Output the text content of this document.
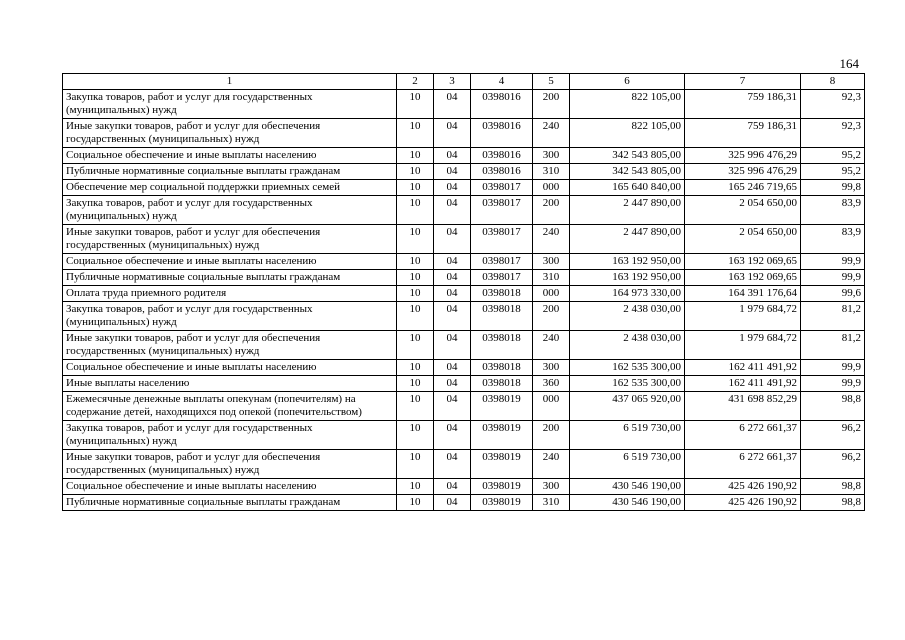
164
1	2	3	4	5	6	7	8
Закупка товаров, работ и услуг для государственных (муниципальных) нужд	10	04	0398016	200	822 105,00	759 186,31	92,3
Иные закупки товаров, работ и услуг для обеспечения государственных (муниципальных) нужд	10	04	0398016	240	822 105,00	759 186,31	92,3
Социальное обеспечение и иные выплаты населению	10	04	0398016	300	342 543 805,00	325 996 476,29	95,2
Публичные нормативные социальные выплаты гражданам	10	04	0398016	310	342 543 805,00	325 996 476,29	95,2
Обеспечение мер социальной поддержки приемных семей	10	04	0398017	000	165 640 840,00	165 246 719,65	99,8
Закупка товаров, работ и услуг для государственных (муниципальных) нужд	10	04	0398017	200	2 447 890,00	2 054 650,00	83,9
Иные закупки товаров, работ и услуг для обеспечения государственных (муниципальных) нужд	10	04	0398017	240	2 447 890,00	2 054 650,00	83,9
Социальное обеспечение и иные выплаты населению	10	04	0398017	300	163 192 950,00	163 192 069,65	99,9
Публичные нормативные социальные выплаты гражданам	10	04	0398017	310	163 192 950,00	163 192 069,65	99,9
Оплата труда приемного родителя	10	04	0398018	000	164 973 330,00	164 391 176,64	99,6
Закупка товаров, работ и услуг для государственных (муниципальных) нужд	10	04	0398018	200	2 438 030,00	1 979 684,72	81,2
Иные закупки товаров, работ и услуг для обеспечения государственных (муниципальных) нужд	10	04	0398018	240	2 438 030,00	1 979 684,72	81,2
Социальное обеспечение и иные выплаты населению	10	04	0398018	300	162 535 300,00	162 411 491,92	99,9
Иные выплаты населению	10	04	0398018	360	162 535 300,00	162 411 491,92	99,9
Ежемесячные денежные выплаты опекунам (попечителям) на содержание детей, находящихся под опекой (попечительством)	10	04	0398019	000	437 065 920,00	431 698 852,29	98,8
Закупка товаров, работ и услуг для государственных (муниципальных) нужд	10	04	0398019	200	6 519 730,00	6 272 661,37	96,2
Иные закупки товаров, работ и услуг для обеспечения государственных (муниципальных) нужд	10	04	0398019	240	6 519 730,00	6 272 661,37	96,2
Социальное обеспечение и иные выплаты населению	10	04	0398019	300	430 546 190,00	425 426 190,92	98,8
Публичные нормативные социальные выплаты гражданам	10	04	0398019	310	430 546 190,00	425 426 190,92	98,8
